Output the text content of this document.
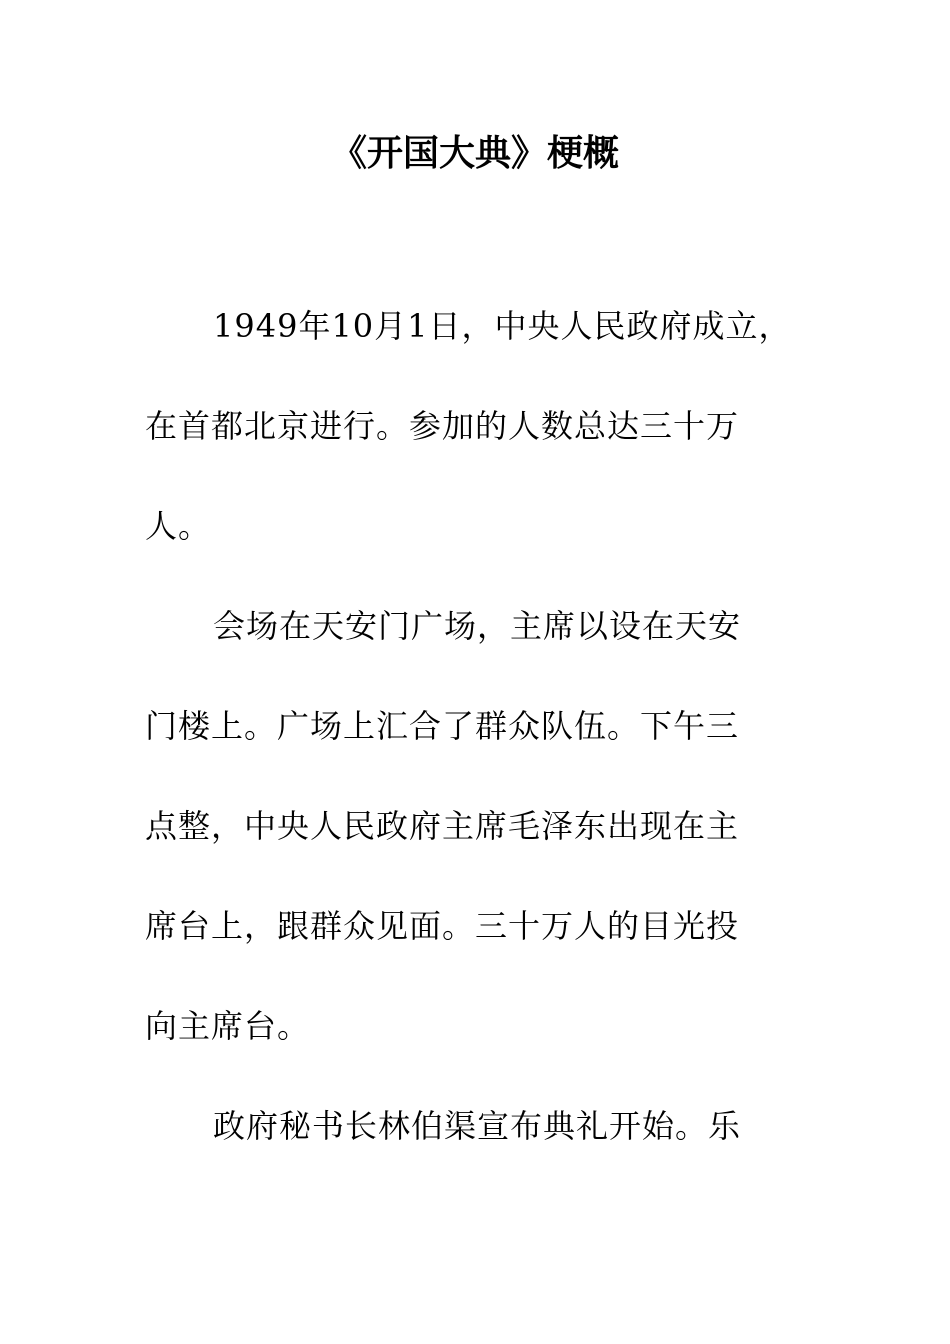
《开国大典》梗概
1949年10月1日，中央人民政府成立，
在首都北京进行。参加的人数总达三十万
人。
会场在天安门广场，主席以设在天安
门楼上。广场上汇合了群众队伍。下午三
点整，中央人民政府主席毛泽东出现在主
席台上，跟群众见面。三十万人的目光投
向主席台。
政府秘书长林伯渠宣布典礼开始。乐
